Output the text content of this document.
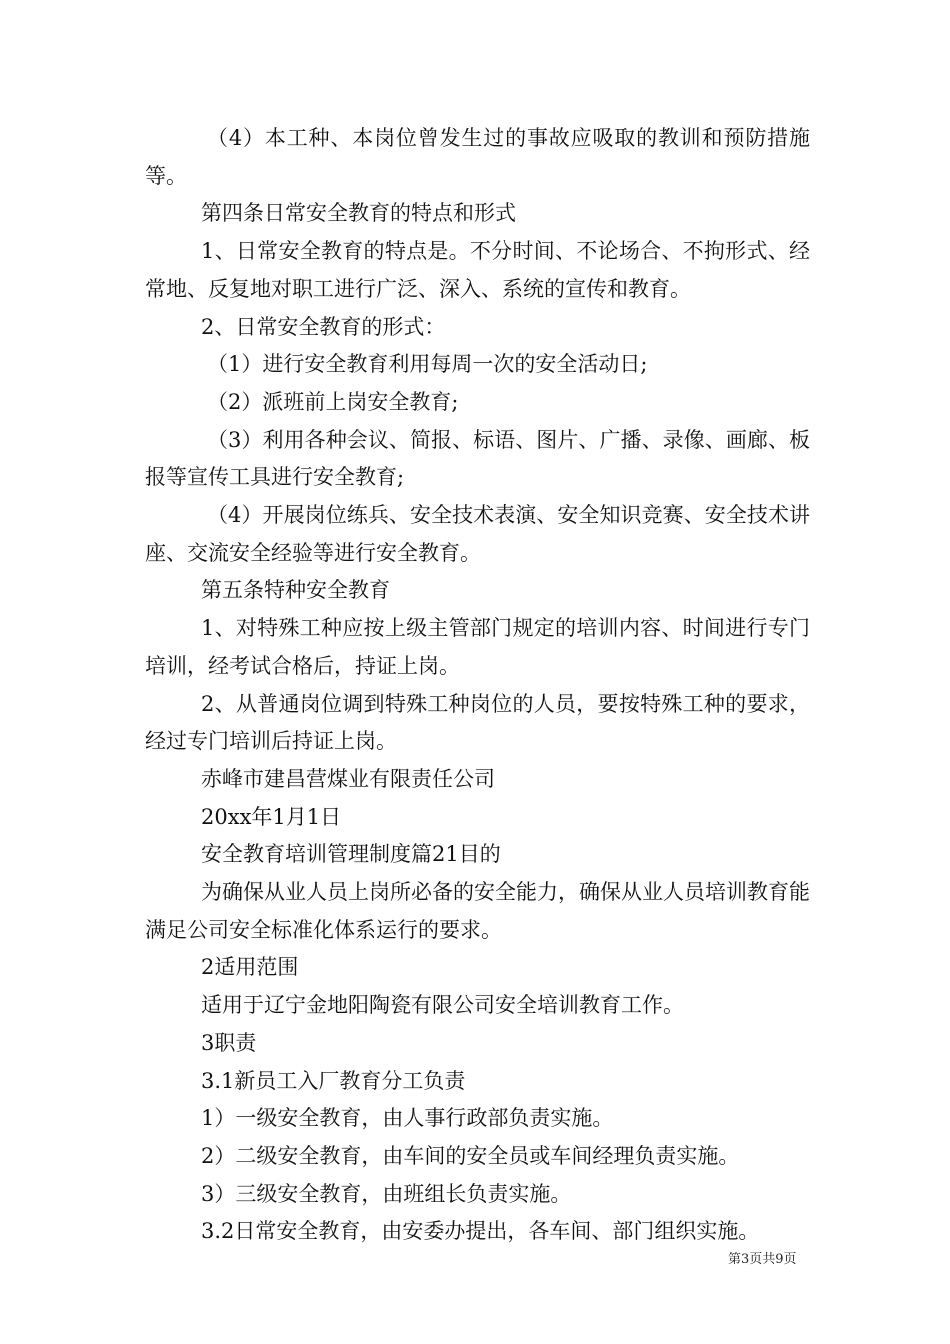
（4）本工种、本岗位曾发生过的事故应吸取的教训和预防措施等。

第四条日常安全教育的特点和形式

1、日常安全教育的特点是。不分时间、不论场合、不拘形式、经常地、反复地对职工进行广泛、深入、系统的宣传和教育。

2、日常安全教育的形式：

（1）进行安全教育利用每周一次的安全活动日;

（2）派班前上岗安全教育;

（3）利用各种会议、简报、标语、图片、广播、录像、画廊、板报等宣传工具进行安全教育;

（4）开展岗位练兵、安全技术表演、安全知识竞赛、安全技术讲座、交流安全经验等进行安全教育。

第五条特种安全教育

1、对特殊工种应按上级主管部门规定的培训内容、时间进行专门培训，经考试合格后，持证上岗。

2、从普通岗位调到特殊工种岗位的人员，要按特殊工种的要求，经过专门培训后持证上岗。

赤峰市建昌营煤业有限责任公司

20xx年1月1日

安全教育培训管理制度篇21目的

为确保从业人员上岗所必备的安全能力，确保从业人员培训教育能满足公司安全标准化体系运行的要求。

2适用范围

适用于辽宁金地阳陶瓷有限公司安全培训教育工作。

3职责

3.1新员工入厂教育分工负责

1）一级安全教育，由人事行政部负责实施。

2）二级安全教育，由车间的安全员或车间经理负责实施。

3）三级安全教育，由班组长负责实施。

3.2日常安全教育，由安委办提出，各车间、部门组织实施。

第3页共9页
